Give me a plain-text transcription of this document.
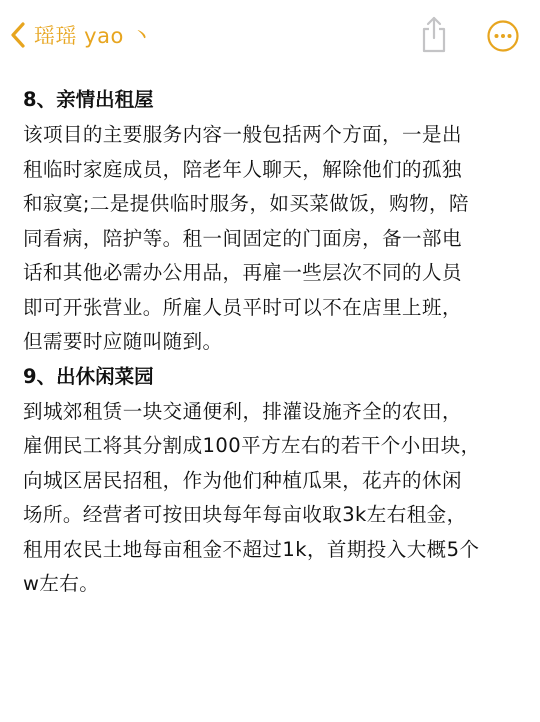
瑶瑶 yao 丶

8、亲情出租屋

该项目的主要服务内容一般包括两个方面，一是出

租临时家庭成员，陪老年人聊天，解除他们的孤独

和寂寞;二是提供临时服务，如买菜做饭，购物，陪

同看病，陪护等。租一间固定的门面房，备一部电

话和其他必需办公用品，再雇一些层次不同的人员

即可开张营业。所雇人员平时可以不在店里上班，

但需要时应随叫随到。

9、出休闲菜园

到城郊租赁一块交通便利，排灌设施齐全的农田，

雇佣民工将其分割成100平方左右的若干个小田块，

向城区居民招租，作为他们种植瓜果，花卉的休闲

场所。经营者可按田块每年每亩收取3k左右租金，

租用农民土地每亩租金不超过1k，首期投入大概5个

w左右。
